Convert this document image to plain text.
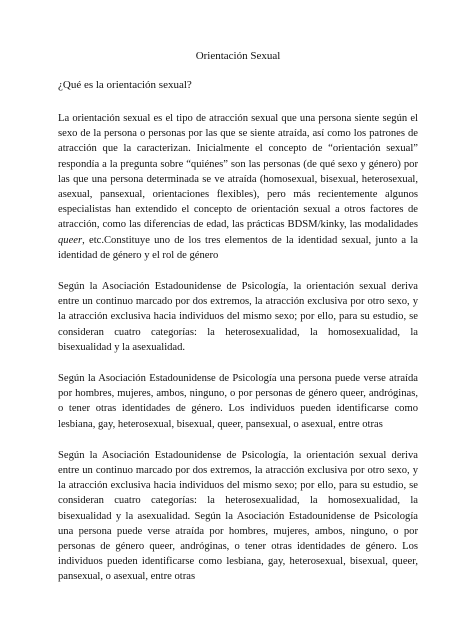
Orientación Sexual
¿Qué es la orientación sexual?

La orientación sexual es el tipo de atracción sexual que una persona siente según el sexo de la persona o personas por las que se siente atraída, así como los patrones de atracción que la caracterizan. Inicialmente el concepto de “orientación sexual” respondía a la pregunta sobre “quiénes” son las personas (de qué sexo y género) por las que una persona determinada se ve atraída (homosexual, bisexual, heterosexual, asexual, pansexual, orientaciones flexibles), pero más recientemente algunos especialistas han extendido el concepto de orientación sexual a otros factores de atracción, como las diferencias de edad, las prácticas BDSM/kinky, las modalidades queer, etc.Constituye uno de los tres elementos de la identidad sexual, junto a la identidad de género y el rol de género

Según la Asociación Estadounidense de Psicología, la orientación sexual deriva entre un continuo marcado por dos extremos, la atracción exclusiva por otro sexo, y la atracción exclusiva hacia individuos del mismo sexo; por ello, para su estudio, se consideran cuatro categorías: la heterosexualidad, la homosexualidad, la bisexualidad y la asexualidad.

Según la Asociación Estadounidense de Psicología una persona puede verse atraída por hombres, mujeres, ambos, ninguno, o por personas de género queer, andróginas, o tener otras identidades de género. Los individuos pueden identificarse como lesbiana, gay, heterosexual, bisexual, queer, pansexual, o asexual, entre otras

Según la Asociación Estadounidense de Psicología, la orientación sexual deriva entre un continuo marcado por dos extremos, la atracción exclusiva por otro sexo, y la atracción exclusiva hacia individuos del mismo sexo; por ello, para su estudio, se consideran cuatro categorías: la heterosexualidad, la homosexualidad, la bisexualidad y la asexualidad. Según la Asociación Estadounidense de Psicología una persona puede verse atraída por hombres, mujeres, ambos, ninguno, o por personas de género queer, andróginas, o tener otras identidades de género. Los individuos pueden identificarse como lesbiana, gay, heterosexual, bisexual, queer, pansexual, o asexual, entre otras
